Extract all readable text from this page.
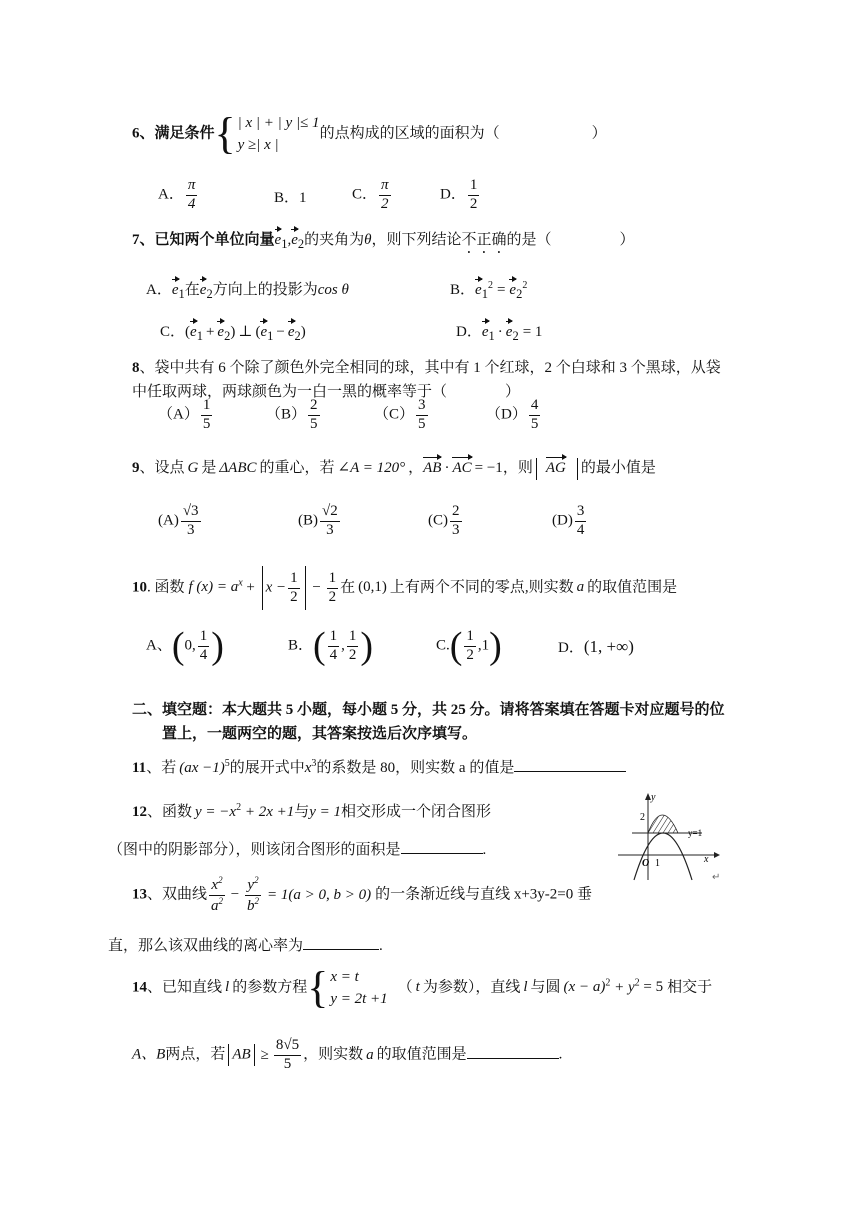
6、满足条件{ | x | + | y |≤ 1
y ≥| x |
的点构成的区域的面积为（	）
A． $\frac{\pi}{4}$	B．1	C． $\frac{\pi}{2}$	D． $\frac{1}{2}$
7、已知两个单位向量$e_1,e_2$的夹角为θ，则下列结论不正确的是（	）
A．$e_1$在$e_2$方向上的投影为cos θ	B．$e_1^2 = e_2^2$
C．$(e_1 + e_2)$ ⊥ $(e_1 - e_2)$	D．$e_1 \cdot e_2 = 1$
8、袋中共有 6 个除了颜色外完全相同的球，其中有 1 个红球，2 个白球和 3 个黑球，从袋
中任取两球，两球颜色为一白一黑的概率等于（	）
$(A) \frac{1}{5}$	$(B) \frac{2}{5}$	$(C) \frac{3}{5}$	$(D) \frac{4}{5}$
9、设点 G 是 ΔABC 的重心，若 ∠A = 120° ，AB · AC = −1，则 AG 的最小值是
$(A) \frac{√3}{3}$	$(B) \frac{√2}{3}$	$(C) \frac{2}{3}$	$(D) \frac{3}{4}$
10. 函数 f $(x) = a^x + x - \frac{1}{2} - \frac{1}{2}$ 在 (0,1) 上有两个不同的零点,则实数 a 的取值范围是
A、(0, $\frac{1}{4}$ )	B．( $\frac{1}{4}$ , $\frac{1}{2}$ )	$C.( \frac{1}{2} ,1)$	D．(1, +∞)
二、填空题：本大题共 5 小题，每小题 5 分，共 25 分。请将答案填在答题卡对应题号的位
置上，一题两空的题，其答案按选后次序填写。
11、若 (ax −1)$^5$的展开式中$x^3$的系数是 80，则实数 a 的值是
12、函数 $y = -x^2 + 2x +1$与y = 1相交形成一个闭合图形
（图中的阴影部分），则该闭合图形的面积是	.
y
2
O 1
y=1
x
↵
13、双曲线 $\frac{x^2}{a^2} - \frac{y^2}{b^2} = 1(a > 0$, b > 0) 的一条渐近线与直线 x+3y-2=0 垂
直，那么该双曲线的离心率为	.
14、已知直线 l 的参数方程{ x = t
y = 2t +1
（ t 为参数），直线 l 与圆 $(x - a)^2 + y^2 = 5$ 相交于
A、B两点，若 AB ≥ $\frac{8√5}{5}$ ，则实数 a 的取值范围是	.
